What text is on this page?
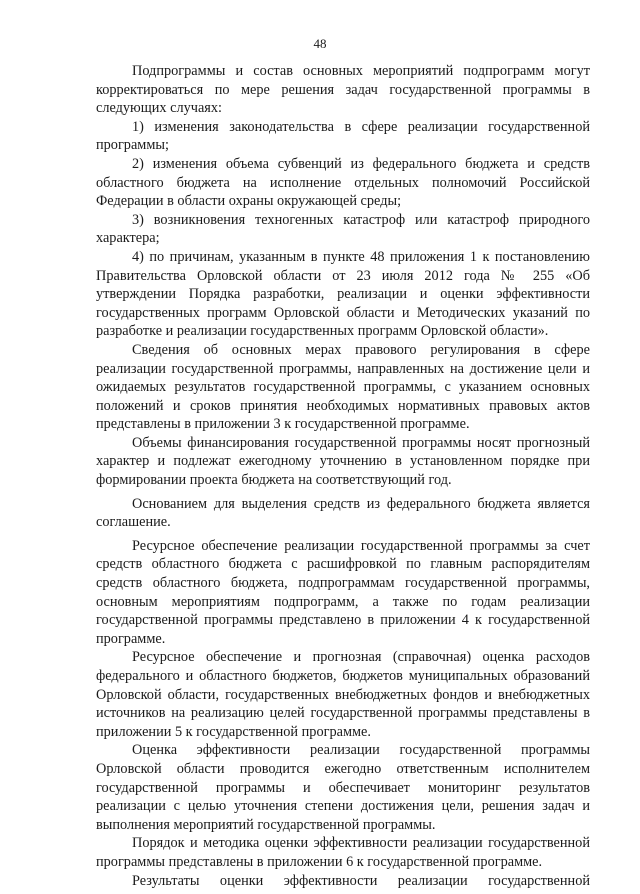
48

Подпрограммы и состав основных мероприятий подпрограмм могут корректироваться по мере решения задач государственной программы в следующих случаях:

1) изменения законодательства в сфере реализации государственной программы;

2) изменения объема субвенций из федерального бюджета и средств областного бюджета на исполнение отдельных полномочий Российской Федерации в области охраны окружающей среды;

3) возникновения техногенных катастроф или катастроф природного характера;

4) по причинам, указанным в пункте 48 приложения 1 к постановлению Правительства Орловской области от 23 июля 2012 года № 255 «Об утверждении Порядка разработки, реализации и оценки эффективности государственных программ Орловской области и Методических указаний по разработке и реализации государственных программ Орловской области».

Сведения об основных мерах правового регулирования в сфере реализации государственной программы, направленных на достижение цели и ожидаемых результатов государственной программы, с указанием основных положений и сроков принятия необходимых нормативных правовых актов представлены в приложении 3 к государственной программе.

Объемы финансирования государственной программы носят прогнозный характер и подлежат ежегодному уточнению в установленном порядке при формировании проекта бюджета на соответствующий год.

Основанием для выделения средств из федерального бюджета является соглашение.

Ресурсное обеспечение реализации государственной программы за счет средств областного бюджета с расшифровкой по главным распорядителям средств областного бюджета, подпрограммам государственной программы, основным мероприятиям подпрограмм, а также по годам реализации государственной программы представлено в приложении 4 к государственной программе.

Ресурсное обеспечение и прогнозная (справочная) оценка расходов федерального и областного бюджетов, бюджетов муниципальных образований Орловской области, государственных внебюджетных фондов и внебюджетных источников на реализацию целей государственной программы представлены в приложении 5 к государственной программе.

Оценка эффективности реализации государственной программы Орловской области проводится ежегодно ответственным исполнителем государственной программы и обеспечивает мониторинг результатов реализации с целью уточнения степени достижения цели, решения задач и выполнения мероприятий государственной программы.

Порядок и методика оценки эффективности реализации государственной программы представлены в приложении 6 к государственной программе.

Результаты оценки эффективности реализации государственной
